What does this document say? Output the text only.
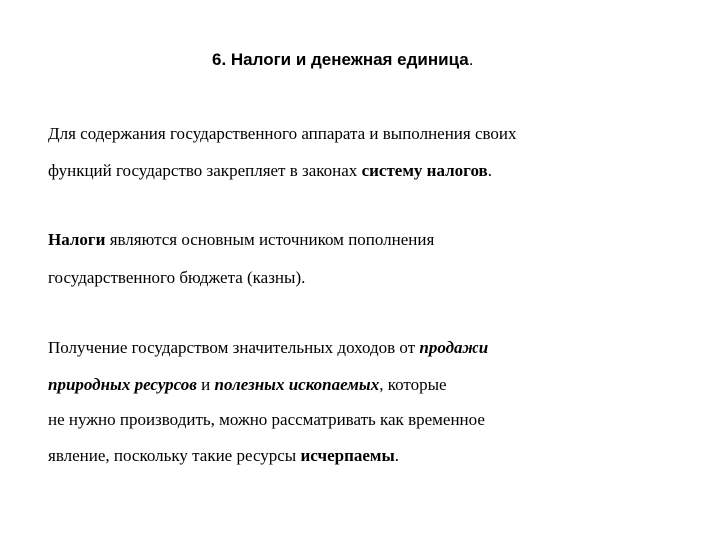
6. Налоги и денежная единица.
Для содержания государственного аппарата и выполнения своих
функций государство закрепляет в законах систему налогов.
Налоги являются основным источником пополнения
государственного бюджета (казны).
Получение государством значительных доходов от продажи
природных ресурсов и полезных ископаемых, которые
не нужно производить, можно рассматривать как временное
явление, поскольку такие ресурсы исчерпаемы.
